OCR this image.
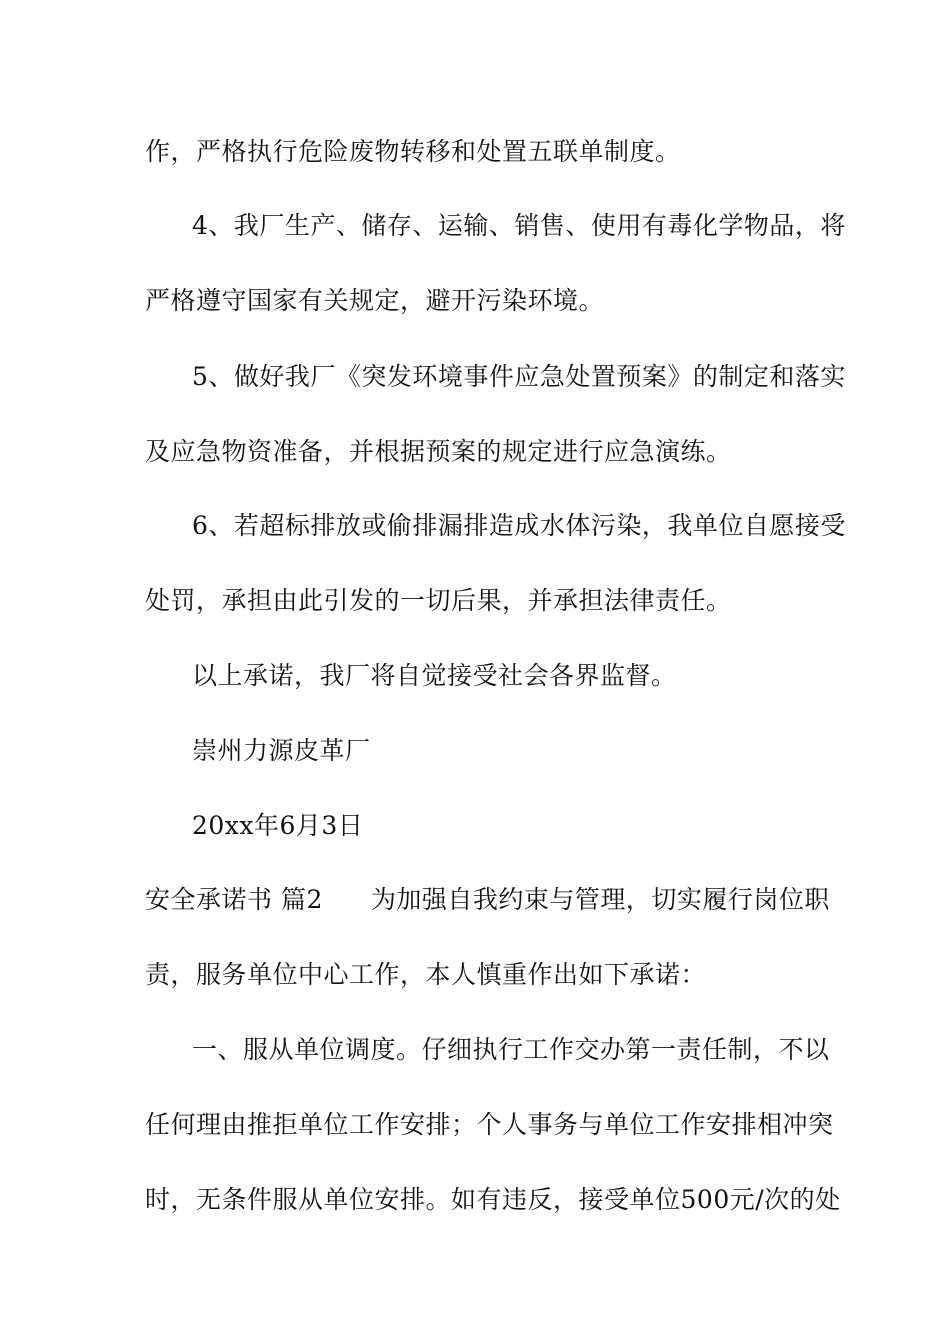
作，严格执行危险废物转移和处置五联单制度。
4、我厂生产、储存、运输、销售、使用有毒化学物品，将
严格遵守国家有关规定，避开污染环境。
5、做好我厂《突发环境事件应急处置预案》的制定和落实
及应急物资准备，并根据预案的规定进行应急演练。
6、若超标排放或偷排漏排造成水体污染，我单位自愿接受
处罚，承担由此引发的一切后果，并承担法律责任。
以上承诺，我厂将自觉接受社会各界监督。
崇州力源皮革厂
20xx年6月3日
安全承诺书 篇2 为加强自我约束与管理，切实履行岗位职
责，服务单位中心工作，本人慎重作出如下承诺：
一、服从单位调度。仔细执行工作交办第一责任制，不以
任何理由推拒单位工作安排；个人事务与单位工作安排相冲突
时，无条件服从单位安排。如有违反，接受单位500元/次的处
